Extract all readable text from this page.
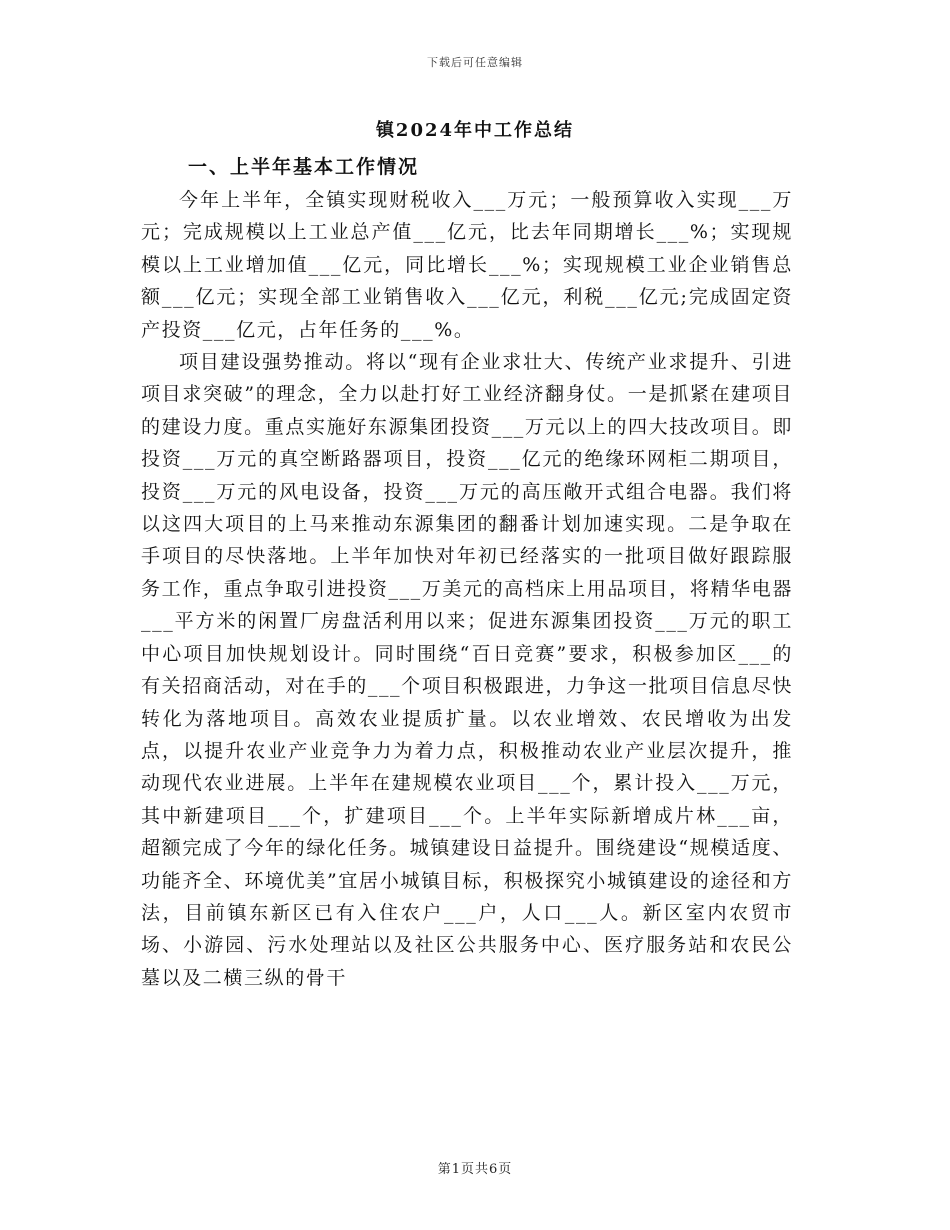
下载后可任意编辑
镇2024年中工作总结
一、上半年基本工作情况

今年上半年，全镇实现财税收入___万元；一般预算收入实现___万元；完成规模以上工业总产值___亿元，比去年同期增长___%；实现规模以上工业增加值___亿元，同比增长___%；实现规模工业企业销售总额___亿元；实现全部工业销售收入___亿元，利税___亿元;完成固定资产投资___亿元，占年任务的___%。

项目建设强势推动。将以“现有企业求壮大、传统产业求提升、引进项目求突破”的理念，全力以赴打好工业经济翻身仗。一是抓紧在建项目的建设力度。重点实施好东源集团投资___万元以上的四大技改项目。即投资___万元的真空断路器项目，投资___亿元的绝缘环网柜二期项目，投资___万元的风电设备，投资___万元的高压敞开式组合电器。我们将以这四大项目的上马来推动东源集团的翻番计划加速实现。二是争取在手项目的尽快落地。上半年加快对年初已经落实的一批项目做好跟踪服务工作，重点争取引进投资___万美元的高档床上用品项目，将精华电器___平方米的闲置厂房盘活利用以来；促进东源集团投资___万元的职工中心项目加快规划设计。同时围绕“百日竞赛”要求，积极参加区___的有关招商活动，对在手的___个项目积极跟进，力争这一批项目信息尽快转化为落地项目。高效农业提质扩量。以农业增效、农民增收为出发点，以提升农业产业竞争力为着力点，积极推动农业产业层次提升，推动现代农业进展。上半年在建规模农业项目___个，累计投入___万元，其中新建项目___个，扩建项目___个。上半年实际新增成片林___亩，超额完成了今年的绿化任务。城镇建设日益提升。围绕建设“规模适度、功能齐全、环境优美”宜居小城镇目标，积极探究小城镇建设的途径和方法，目前镇东新区已有入住农户___户，人口___人。新区室内农贸市场、小游园、污水处理站以及社区公共服务中心、医疗服务站和农民公墓以及二横三纵的骨干

第1页共6页
